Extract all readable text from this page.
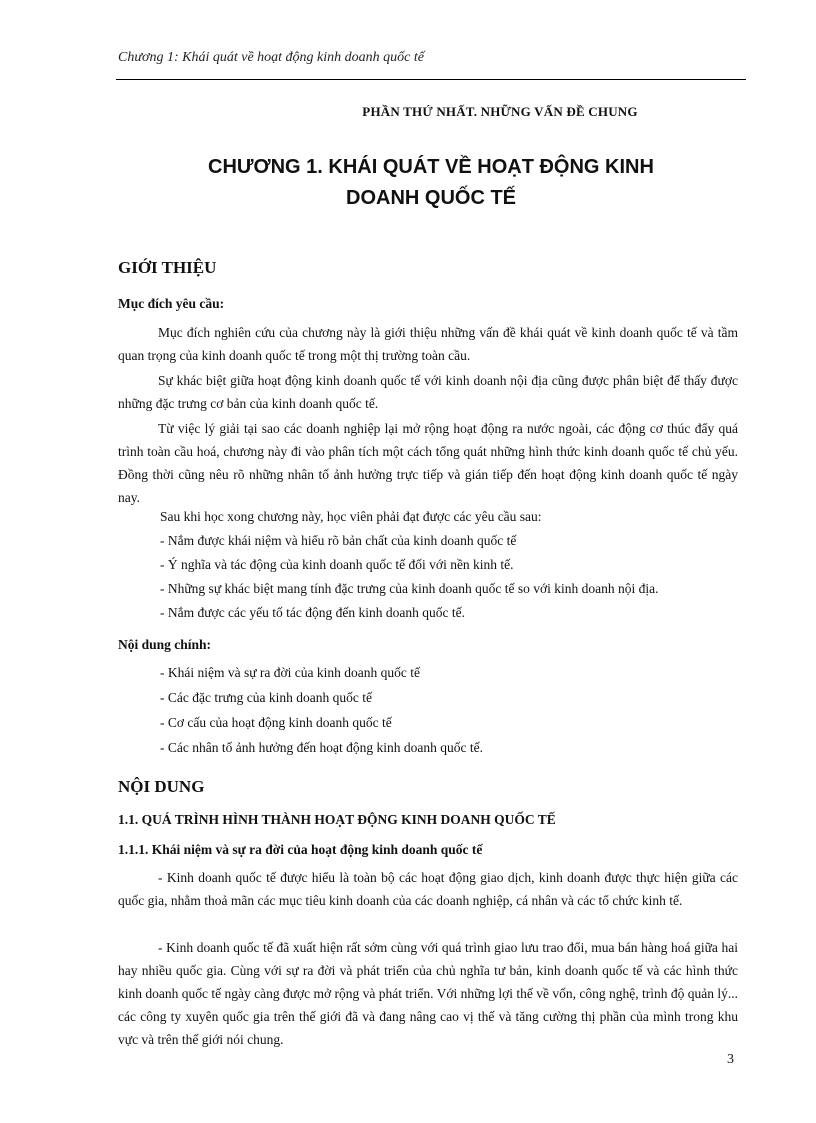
Chương 1: Khái quát về hoạt động kinh doanh quốc tế
PHẦN THỨ NHẤT. NHỮNG VẤN ĐỀ CHUNG
CHƯƠNG 1. KHÁI QUÁT VỀ HOẠT ĐỘNG KINH
DOANH QUỐC TẾ
GIỚI THIỆU
Mục đích yêu cầu:

Mục đích nghiên cứu của chương này là giới thiệu những vấn đề khái quát về kinh doanh quốc tế và tầm quan trọng của kinh doanh quốc tế trong một thị trường toàn cầu.

Sự khác biệt giữa hoạt động kinh doanh quốc tế với kinh doanh nội địa cũng được phân biệt để thấy được những đặc trưng cơ bản của kinh doanh quốc tế.

Từ việc lý giải tại sao các doanh nghiệp lại mở rộng hoạt động ra nước ngoài, các động cơ thúc đẩy quá trình toàn cầu hoá, chương này đi vào phân tích một cách tổng quát những hình thức kinh doanh quốc tế chủ yếu. Đồng thời cũng nêu rõ những nhân tố ảnh hưởng trực tiếp và gián tiếp đến hoạt động kinh doanh quốc tế ngày nay.

Sau khi học xong chương này, học viên phải đạt được các yêu cầu sau:
- Nắm được khái niệm và hiểu rõ bản chất của kinh doanh quốc tế
- Ý nghĩa và tác động của kinh doanh quốc tế đối với nền kinh tế.
- Những sự khác biệt mang tính đặc trưng của kinh doanh quốc tế so với kinh doanh nội địa.
- Nắm được các yếu tố tác động đến kinh doanh quốc tế.
Nội dung chính:
- Khái niệm và sự ra đời của kinh doanh quốc tế
- Các đặc trưng của kinh doanh quốc tế
- Cơ cấu của hoạt động kinh doanh quốc tế
- Các nhân tố ảnh hưởng đến hoạt động kinh doanh quốc tế.
NỘI DUNG
1.1. QUÁ TRÌNH HÌNH THÀNH HOẠT ĐỘNG KINH DOANH QUỐC TẾ
1.1.1. Khái niệm và sự ra đời của hoạt động kinh doanh quốc tế

- Kinh doanh quốc tế được hiểu là toàn bộ các hoạt động giao dịch, kinh doanh được thực hiện giữa các quốc gia, nhằm thoả mãn các mục tiêu kinh doanh của các doanh nghiệp, cá nhân và các tổ chức kinh tế.

- Kinh doanh quốc tế đã xuất hiện rất sớm cùng với quá trình giao lưu trao đổi, mua bán hàng hoá giữa hai hay nhiều quốc gia. Cùng với sự ra đời và phát triển của chủ nghĩa tư bản, kinh doanh quốc tế và các hình thức kinh doanh quốc tế ngày càng được mở rộng và phát triển. Với những lợi thế về vốn, công nghệ, trình độ quản lý... các công ty xuyên quốc gia trên thế giới đã và đang nâng cao vị thế và tăng cường thị phần của mình trong khu vực và trên thế giới nói chung.

3
